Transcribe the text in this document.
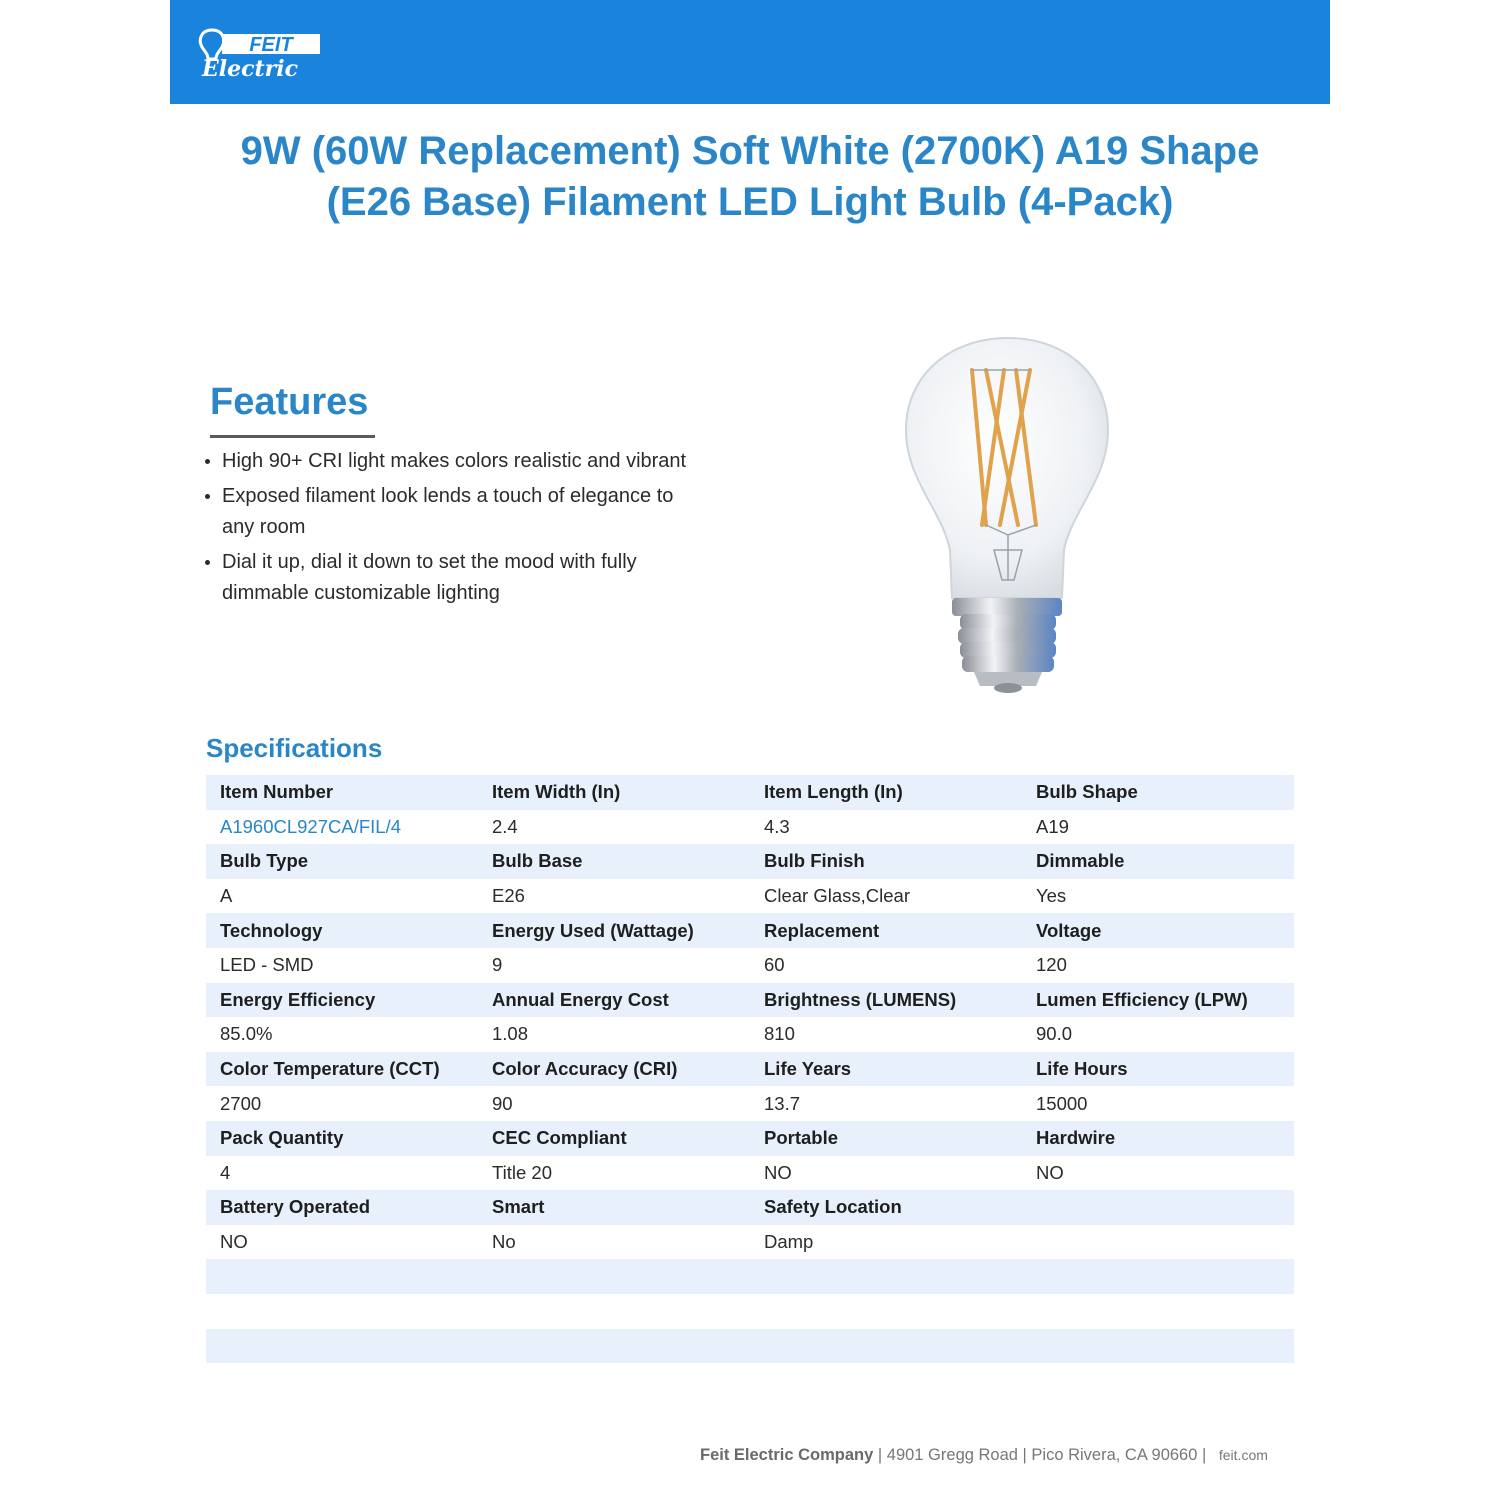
FEIT
Electric
9W (60W Replacement) Soft White (2700K) A19 Shape
(E26 Base) Filament LED Light Bulb (4-Pack)
Features
High 90+ CRI light makes colors realistic and vibrant
Exposed filament look lends a touch of elegance to any room
Dial it up, dial it down to set the mood with fully dimmable customizable lighting
Specifications
Item Number	Item Width (In)	Item Length (In)	Bulb Shape
A1960CL927CA/FIL/4	2.4	4.3	A19
Bulb Type	Bulb Base	Bulb Finish	Dimmable
A	E26	Clear Glass,Clear	Yes
Technology	Energy Used (Wattage)	Replacement	Voltage
LED - SMD	9	60	120
Energy Efficiency	Annual Energy Cost	Brightness (LUMENS)	Lumen Efficiency (LPW)
85.0%	1.08	810	90.0
Color Temperature (CCT)	Color Accuracy (CRI)	Life Years	Life Hours
2700	90	13.7	15000
Pack Quantity	CEC Compliant	Portable	Hardwire
4	Title 20	NO	NO
Battery Operated	Smart	Safety Location	
NO	No	Damp	

Feit Electric Company | 4901 Gregg Road | Pico Rivera, CA 90660 | feit.com
